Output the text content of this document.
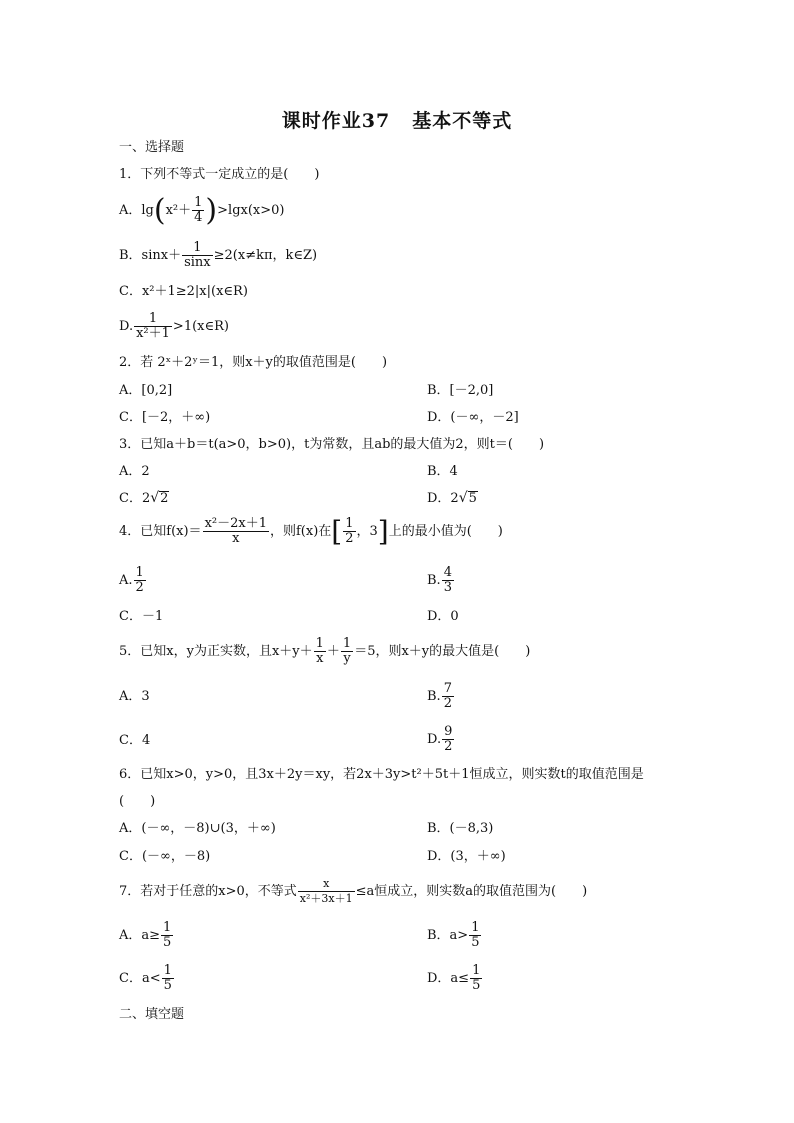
课时作业37 基本不等式
一、选择题
1．下列不等式一定成立的是(　　)
A．$\lg(x^2+ \frac{1}{4} )>\lg x(x>0)$
B．$\sin x+ \frac{1}{\sin x} \ge 2(x\ne k\pi$，k∈Z)
C．x²＋1≥2|x|(x∈R)
D. $\frac{1}{\text{x²＋1}}$ >1(x∈R)
2．若 2ˣ＋2ʸ＝1，则x＋y的取值范围是(　　)
A．[0,2]	B．[－2,0]
C．[－2，＋∞)	D．(－∞，－2]
3．已知a＋b＝t(a>0，b>0)，t为常数，且ab的最大值为2，则t＝(　　)
A．2	B．4
C．2√2	D．2√5
4．已知$f(x)= \frac{\text{x²－2x＋1}}{x}$ ，则f(x)在[ $\frac{1}{2}$ ，3]上的最小值为(　　)
A. $\frac{1}{2}$	B. $\frac{4}{3}$
C．－1	D．0
5．已知x，y为正实数，且$x+y+ \frac{1}{x} + \frac{1}{y} =5$，则x＋y的最大值是(　　)
A．3	B. $\frac{7}{2}$
C．4	D. $\frac{9}{2}$
6．已知x>0，y>0，且3x＋2y＝xy，若2x＋3y>t²＋5t＋1恒成立，则实数t的取值范围是
(　　)
A．(－∞，－8)∪(3，＋∞)	B．(－8,3)
C．(－∞，－8)	D．(3，＋∞)
7．若对于任意的x>0，不等式 $\frac{x}{\text{x²＋3x＋1}} \le a$恒成立，则实数a的取值范围为(　　)
A．$a\ge \frac{1}{5}$	B．$a> \frac{1}{5}$
C．$a< \frac{1}{5}$	D．$a\le \frac{1}{5}$
二、填空题
